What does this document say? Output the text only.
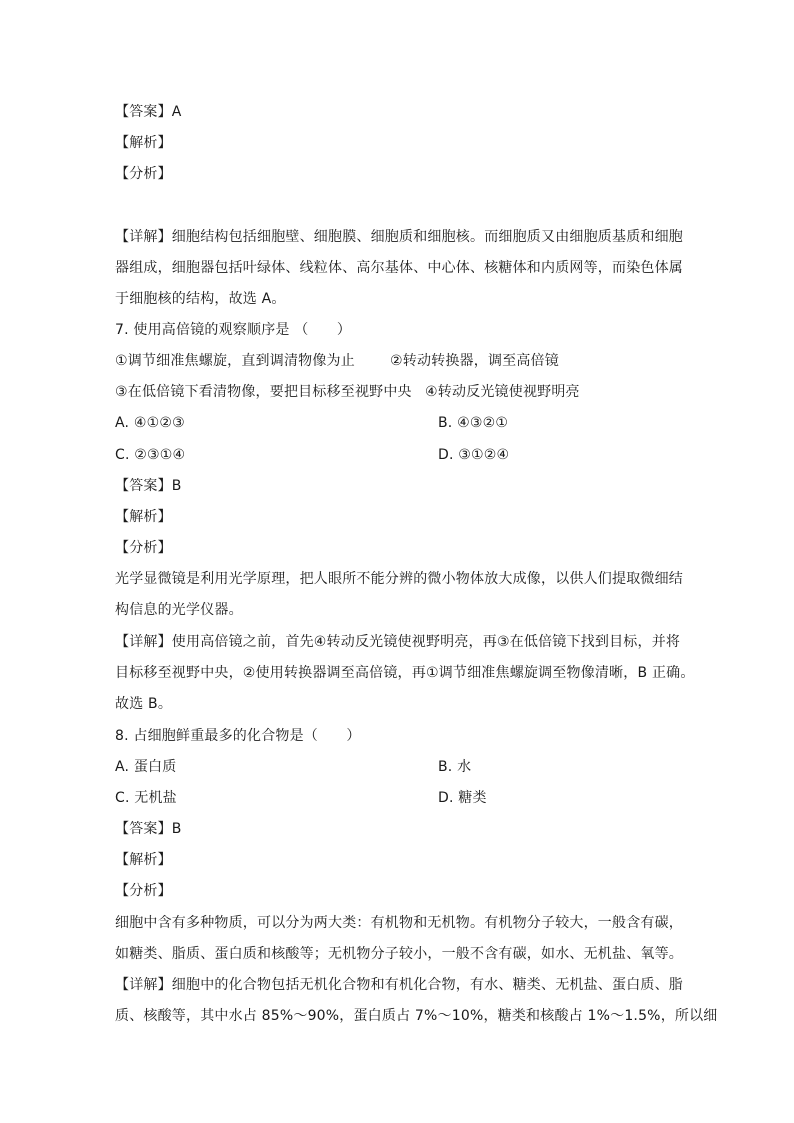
【答案】A
【解析】
【分析】
【详解】细胞结构包括细胞壁、细胞膜、细胞质和细胞核。而细胞质又由细胞质基质和细胞
器组成，细胞器包括叶绿体、线粒体、高尔基体、中心体、核糖体和内质网等，而染色体属
于细胞核的结构，故选 A。
7. 使用高倍镜的观察顺序是 （　　）
①调节细准焦螺旋，直到调清物像为止	②转动转换器，调至高倍镜
③在低倍镜下看清物像，要把目标移至视野中央 ④转动反光镜使视野明亮
A. ④①②③	B. ④③②①
C. ②③①④	D. ③①②④
【答案】B
【解析】
【分析】
光学显微镜是利用光学原理，把人眼所不能分辨的微小物体放大成像，以供人们提取微细结
构信息的光学仪器。
【详解】使用高倍镜之前，首先④转动反光镜使视野明亮，再③在低倍镜下找到目标，并将
目标移至视野中央，②使用转换器调至高倍镜，再①调节细准焦螺旋调至物像清晰，B 正确。
故选 B。
8. 占细胞鲜重最多的化合物是（　　）
A. 蛋白质	B. 水
C. 无机盐	D. 糖类
【答案】B
【解析】
【分析】
细胞中含有多种物质，可以分为两大类：有机物和无机物。有机物分子较大，一般含有碳，
如糖类、脂质、蛋白质和核酸等；无机物分子较小，一般不含有碳，如水、无机盐、氧等。
【详解】细胞中的化合物包括无机化合物和有机化合物，有水、糖类、无机盐、蛋白质、脂
质、核酸等，其中水占 85%～90%，蛋白质占 7%～10%，糖类和核酸占 1%～1.5%，所以细
